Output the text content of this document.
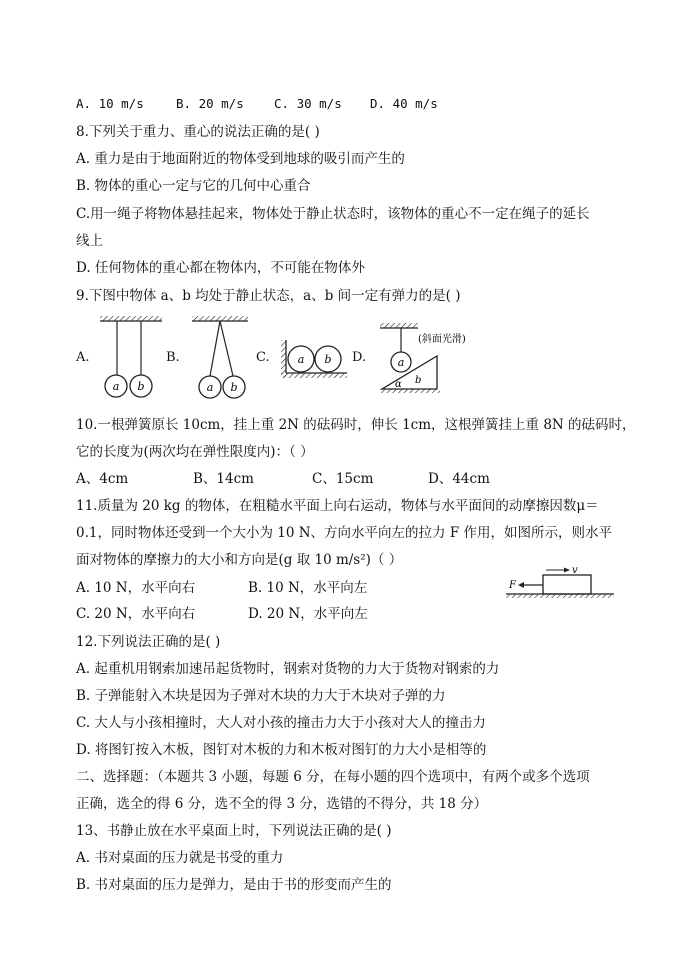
A. 10 m/s	B. 20 m/s C. 30 m/s D. 40 m/s
8.下列关于重力、重心的说法正确的是( )
A. 重力是由于地面附近的物体受到地球的吸引而产生的
B. 物体的重心一定与它的几何中心重合
C.用一绳子将物体悬挂起来，物体处于静止状态时，该物体的重心不一定在绳子的延长
线上
D. 任何物体的重心都在物体内，不可能在物体外
9.下图中物体 a、b 均处于静止状态，a、b 间一定有弹力的是( )
A.	B.	C.	D.
a b	a b
a b	a
b
α
(斜面光滑)
10.一根弹簧原长 10cm，挂上重 2N 的砝码时，伸长 1cm，这根弹簧挂上重 8N 的砝码时，
它的长度为(两次均在弹性限度内)：（ ）
A、4cm	B、14cm	C、15cm	D、44cm
11.质量为 20 kg 的物体，在粗糙水平面上向右运动，物体与水平面间的动摩擦因数μ＝
0.1，同时物体还受到一个大小为 10 N、方向水平向左的拉力 F 作用，如图所示，则水平
面对物体的摩擦力的大小和方向是(g 取 10 m/s²)（ ）
A. 10 N，水平向右	B. 10 N，水平向左
C. 20 N，水平向右	D. 20 N，水平向左
F
v
12.下列说法正确的是( )
A. 起重机用钢索加速吊起货物时，钢索对货物的力大于货物对钢索的力
B. 子弹能射入木块是因为子弹对木块的力大于木块对子弹的力
C. 大人与小孩相撞时，大人对小孩的撞击力大于小孩对大人的撞击力
D. 将图钉按入木板，图钉对木板的力和木板对图钉的力大小是相等的
二、选择题：（本题共 3 小题，每题 6 分，在每小题的四个选项中，有两个或多个选项
正确，选全的得 6 分，选不全的得 3 分，选错的不得分，共 18 分）
13、书静止放在水平桌面上时，下列说法正确的是( )
A. 书对桌面的压力就是书受的重力
B. 书对桌面的压力是弹力，是由于书的形变而产生的
